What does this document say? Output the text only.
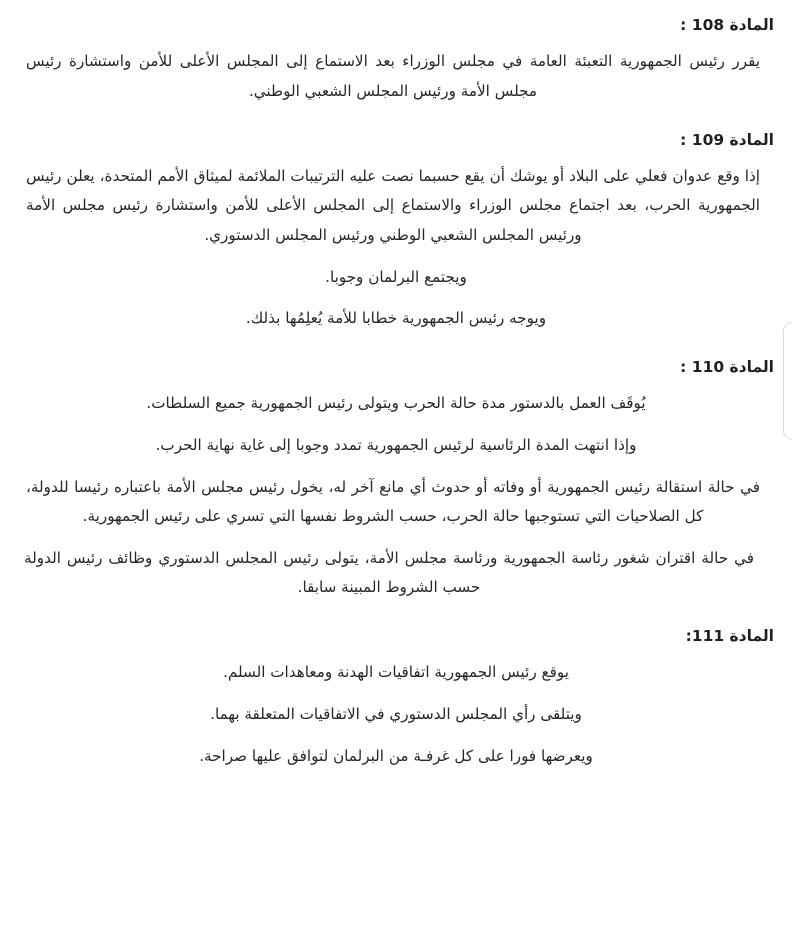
المادة 108 :

يقرر رئيس الجمهورية التعبئة العامة في مجلس الوزراء بعد الاستماع إلى المجلس الأعلى للأمن واستشارة رئيس مجلس الأمة ورئيس المجلس الشعبي الوطني.

المادة 109 :

إذا وقع عدوان فعلي على البلاد أو يوشك أن يقع حسبما نصت عليه الترتيبات الملائمة لميثاق الأمم المتحدة، يعلن رئيس الجمهورية الحرب، بعد اجتماع مجلس الوزراء والاستماع إلى المجلس الأعلى للأمن واستشارة رئيس مجلس الأمة ورئيس المجلس الشعبي الوطني ورئيس المجلس الدستوري.

ويجتمع البرلمان وجوبا.

ويوجه رئيس الجمهورية خطابا للأمة يُعلِمُها بذلك.

المادة 110 :

يُوقَف العمل بالدستور مدة حالة الحرب ويتولى رئيس الجمهورية جميع السلطات.

وإذا انتهت المدة الرئاسية لرئيس الجمهورية تمدد وجوبا إلى غاية نهاية الحرب.

في حالة استقالة رئيس الجمهورية أو وفاته أو حدوث أي مانع آخر له، يخول رئيس مجلس الأمة باعتباره رئيسا للدولة، كل الصلاحيات التي تستوجبها حالة الحرب، حسب الشروط نفسها التي تسري على رئيس الجمهورية.

في حالة اقتران شغور رئاسة الجمهورية ورئاسة مجلس الأمة، يتولى رئيس المجلس الدستوري وظائف رئيس الدولة حسب الشروط المبينة سابقا.

المادة 111:

يوقع رئيس الجمهورية اتفاقيات الهدنة ومعاهدات السلم.

ويتلقى رأي المجلس الدستوري في الاتفاقيات المتعلقة بهما.

ويعرضها فورا على كل غرفـة من البرلمان لتوافق عليها صراحة.
